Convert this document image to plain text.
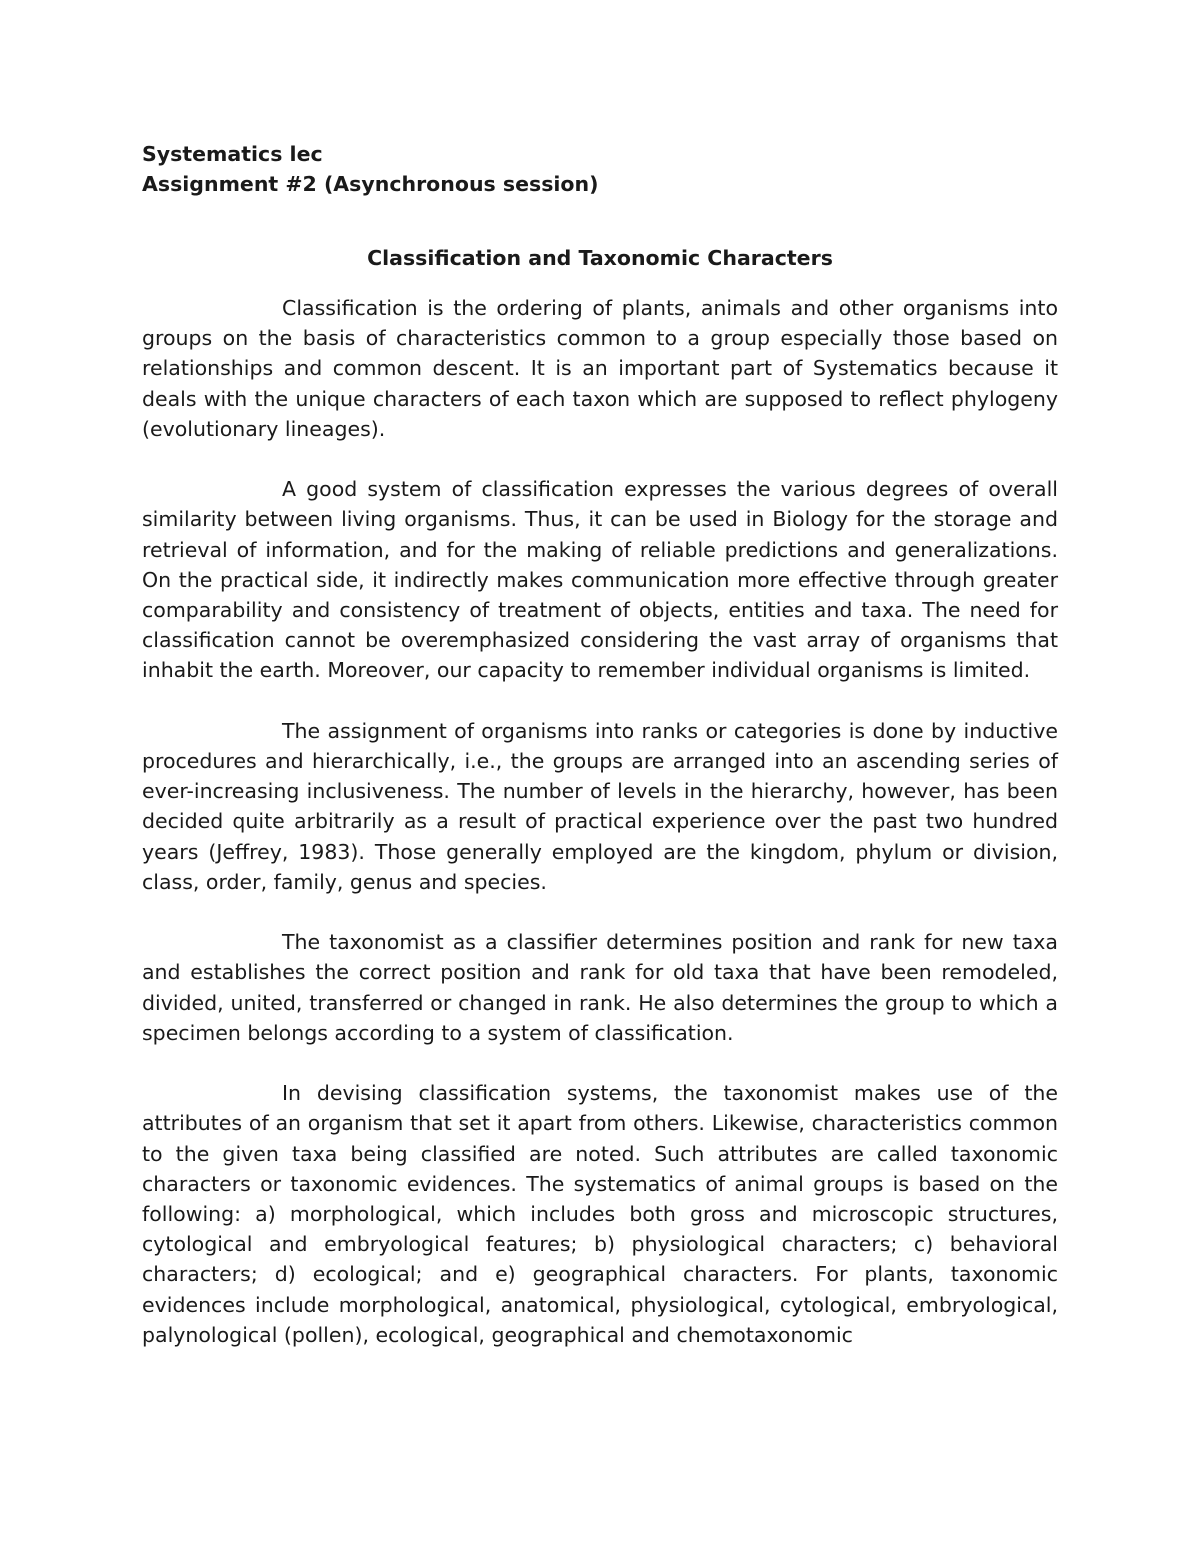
Systematics lec

Assignment #2 (Asynchronous session)

Classification and Taxonomic Characters

Classification is the ordering of plants, animals and other organisms into groups on the basis of characteristics common to a group especially those based on relationships and common descent. It is an important part of Systematics because it deals with the unique characters of each taxon which are supposed to reflect phylogeny (evolutionary lineages).

A good system of classification expresses the various degrees of overall similarity between living organisms. Thus, it can be used in Biology for the storage and retrieval of information, and for the making of reliable predictions and generalizations. On the practical side, it indirectly makes communication more effective through greater comparability and consistency of treatment of objects, entities and taxa. The need for classification cannot be overemphasized considering the vast array of organisms that inhabit the earth. Moreover, our capacity to remember individual organisms is limited.

The assignment of organisms into ranks or categories is done by inductive procedures and hierarchically, i.e., the groups are arranged into an ascending series of ever-increasing inclusiveness. The number of levels in the hierarchy, however, has been decided quite arbitrarily as a result of practical experience over the past two hundred years (Jeffrey, 1983). Those generally employed are the kingdom, phylum or division, class, order, family, genus and species.

The taxonomist as a classifier determines position and rank for new taxa and establishes the correct position and rank for old taxa that have been remodeled, divided, united, transferred or changed in rank. He also determines the group to which a specimen belongs according to a system of classification.

In devising classification systems, the taxonomist makes use of the attributes of an organism that set it apart from others. Likewise, characteristics common to the given taxa being classified are noted. Such attributes are called taxonomic characters or taxonomic evidences. The systematics of animal groups is based on the following: a) morphological, which includes both gross and microscopic structures, cytological and embryological features; b) physiological characters; c) behavioral characters; d) ecological; and e) geographical characters. For plants, taxonomic evidences include morphological, anatomical, physiological, cytological, embryological, palynological (pollen), ecological, geographical and chemotaxonomic
